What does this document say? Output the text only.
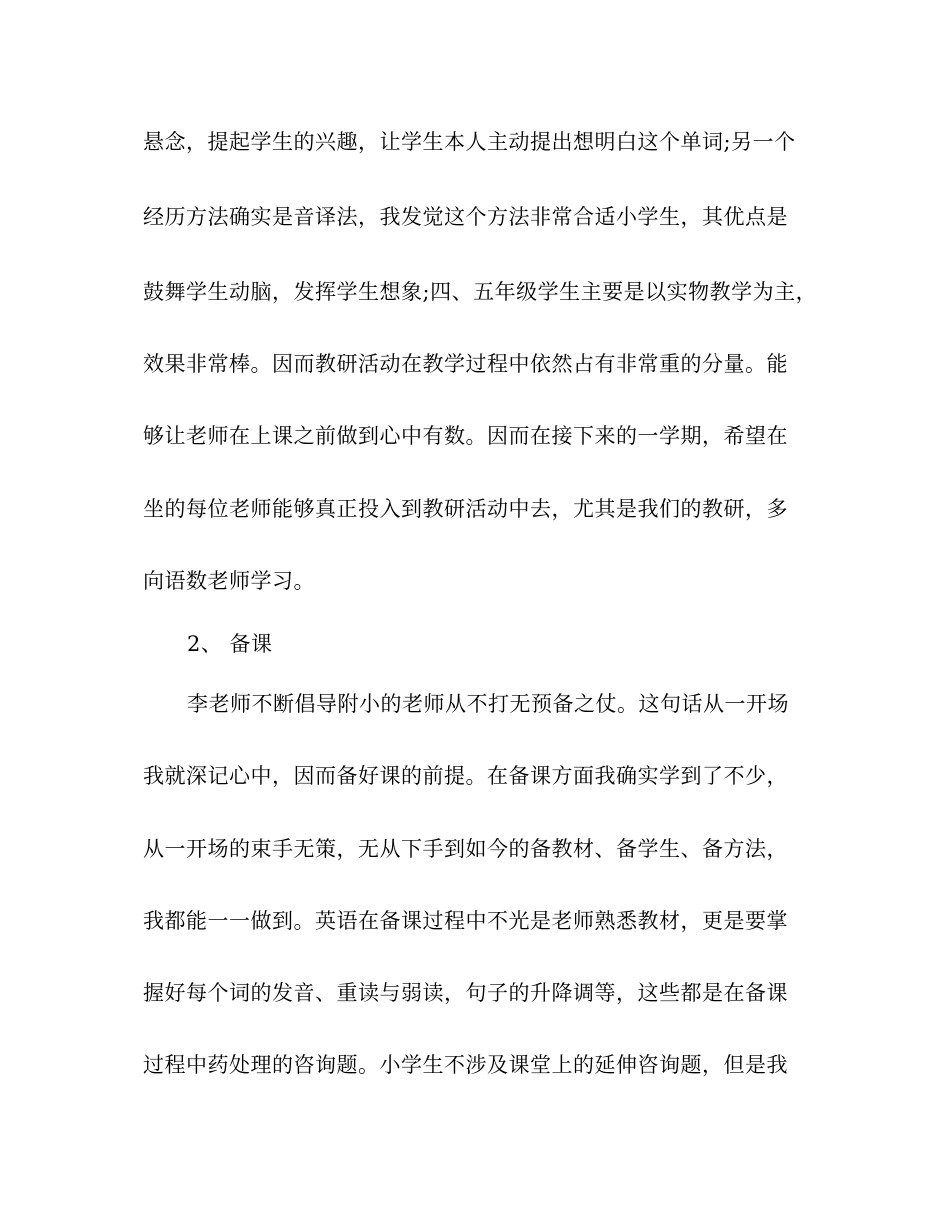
悬念，提起学生的兴趣，让学生本人主动提出想明白这个单词;另一个
经历方法确实是音译法，我发觉这个方法非常合适小学生，其优点是
鼓舞学生动脑，发挥学生想象;四、五年级学生主要是以实物教学为主，
效果非常棒。因而教研活动在教学过程中依然占有非常重的分量。能
够让老师在上课之前做到心中有数。因而在接下来的一学期，希望在
坐的每位老师能够真正投入到教研活动中去，尤其是我们的教研，多
向语数老师学习。
2、 备课
李老师不断倡导附小的老师从不打无预备之仗。这句话从一开场
我就深记心中，因而备好课的前提。在备课方面我确实学到了不少，
从一开场的束手无策，无从下手到如今的备教材、备学生、备方法，
我都能一一做到。英语在备课过程中不光是老师熟悉教材，更是要掌
握好每个词的发音、重读与弱读，句子的升降调等，这些都是在备课
过程中药处理的咨询题。小学生不涉及课堂上的延伸咨询题，但是我
